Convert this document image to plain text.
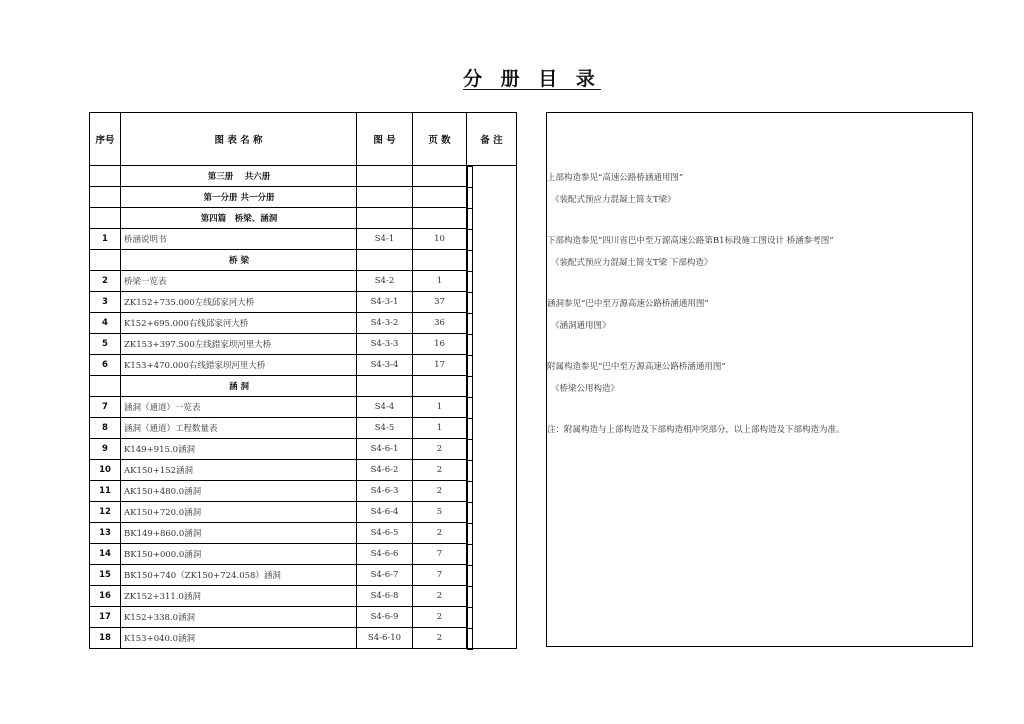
分 册 目 录
序号	图 表 名 称	图 号	页 数	备 注
	第三册　 共六册			

	第一分册 共一分册			

	第四篇　桥梁、涵洞			

1	桥涵说明书	S4-1	10	

	桥 梁			

2	桥梁一览表	S4-2	1	

3	ZK152+735.000左线邱家河大桥	S4-3-1	37	

4	K152+695.000右线邱家河大桥	S4-3-2	36	

5	ZK153+397.500左线錯家坝河里大桥	S4-3-3	16	

6	K153+470.000右线錯家坝河里大桥	S4-3-4	17	

	涵 洞			

7	涵洞（通道）一览表	S4-4	1	

8	涵洞（通道）工程数量表	S4-5	1	

9	K149+915.0涵洞	S4-6-1	2	

10	AK150+152涵洞	S4-6-2	2	

11	AK150+480.0涵洞	S4-6-3	2	

12	AK150+720.0涵洞	S4-6-4	5	

13	BK149+860.0涵洞	S4-6-5	2	

14	BK150+000.0涵洞	S4-6-6	7	

15	BK150+740（ZK150+724.058）涵洞	S4-6-7	7	

16	ZK152+311.0涵洞	S4-6-8	2	

17	K152+338.0涵洞	S4-6-9	2	

18	K153+040.0涵洞	S4-6-10	2	
上部构造参见“高速公路桥涵通用图”
《装配式预应力混凝土简支T梁》
下部构造参见“四川省巴中至万源高速公路第B1标段施工图设计 桥涵参考图”
《装配式预应力混凝土简支T梁 下部构造》
涵洞参见“巴中至万源高速公路桥涵通用图”
《涵洞通用图》
附属构造参见“巴中至万源高速公路桥涵通用图”
《桥梁公用构造》
注：附属构造与上部构造及下部构造相冲突部分，以上部构造及下部构造为准。
